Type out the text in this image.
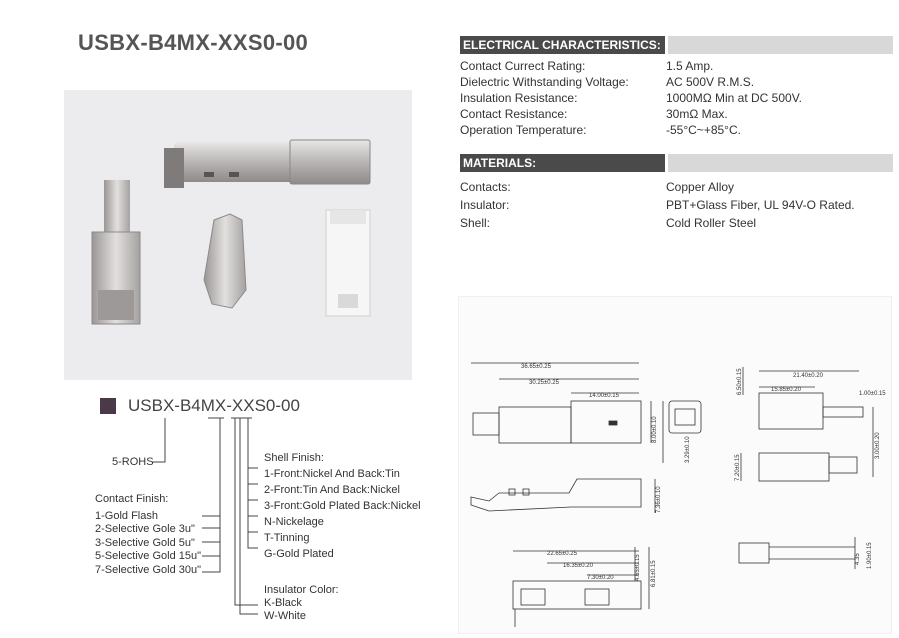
USBX-B4MX-XXS0-00	ELECTRICAL CHARACTERISTICS:
Contact Currect Rating:	1.5 Amp.
Dielectric Withstanding Voltage:	AC 500V R.M.S.
Insulation Resistance:	1000MΩ Min at DC 500V.
Contact Resistance:	30mΩ Max.
Operation Temperature:	-55°C~+85°C.
MATERIALS:
Contacts:	Copper Alloy
Insulator:	PBT+Glass Fiber, UL 94V-O Rated.
Shell:	Cold Roller Steel
USBX-B4MX-XXS0-00
5-ROHS
Contact Finish:
1-Gold Flash
2-Selective Gole 3u"
3-Selective Gold 5u"
5-Selective Gold 15u"
7-Selective Gold 30u"
Shell Finish:
1-Front:Nickel And Back:Tin
2-Front:Tin And Back:Nickel
3-Front:Gold Plated Back:Nickel
N-Nickelage
T-Tinning
G-Gold Plated
Insulator Color:
K-Black
W-White
36.65±0.25
30.25±0.25
14.00±0.15
8.00±0.10
3.29±0.10
7.36±0.10
21.40±0.20
15.85±0.20
6.50±0.15	1.00±0.15
3.00±0.20
7.20±0.15
22.65±0.25
16.35±0.20
7.30±0.20	4.65±0.15 6.81±0.15
4.35 1.90±0.15
